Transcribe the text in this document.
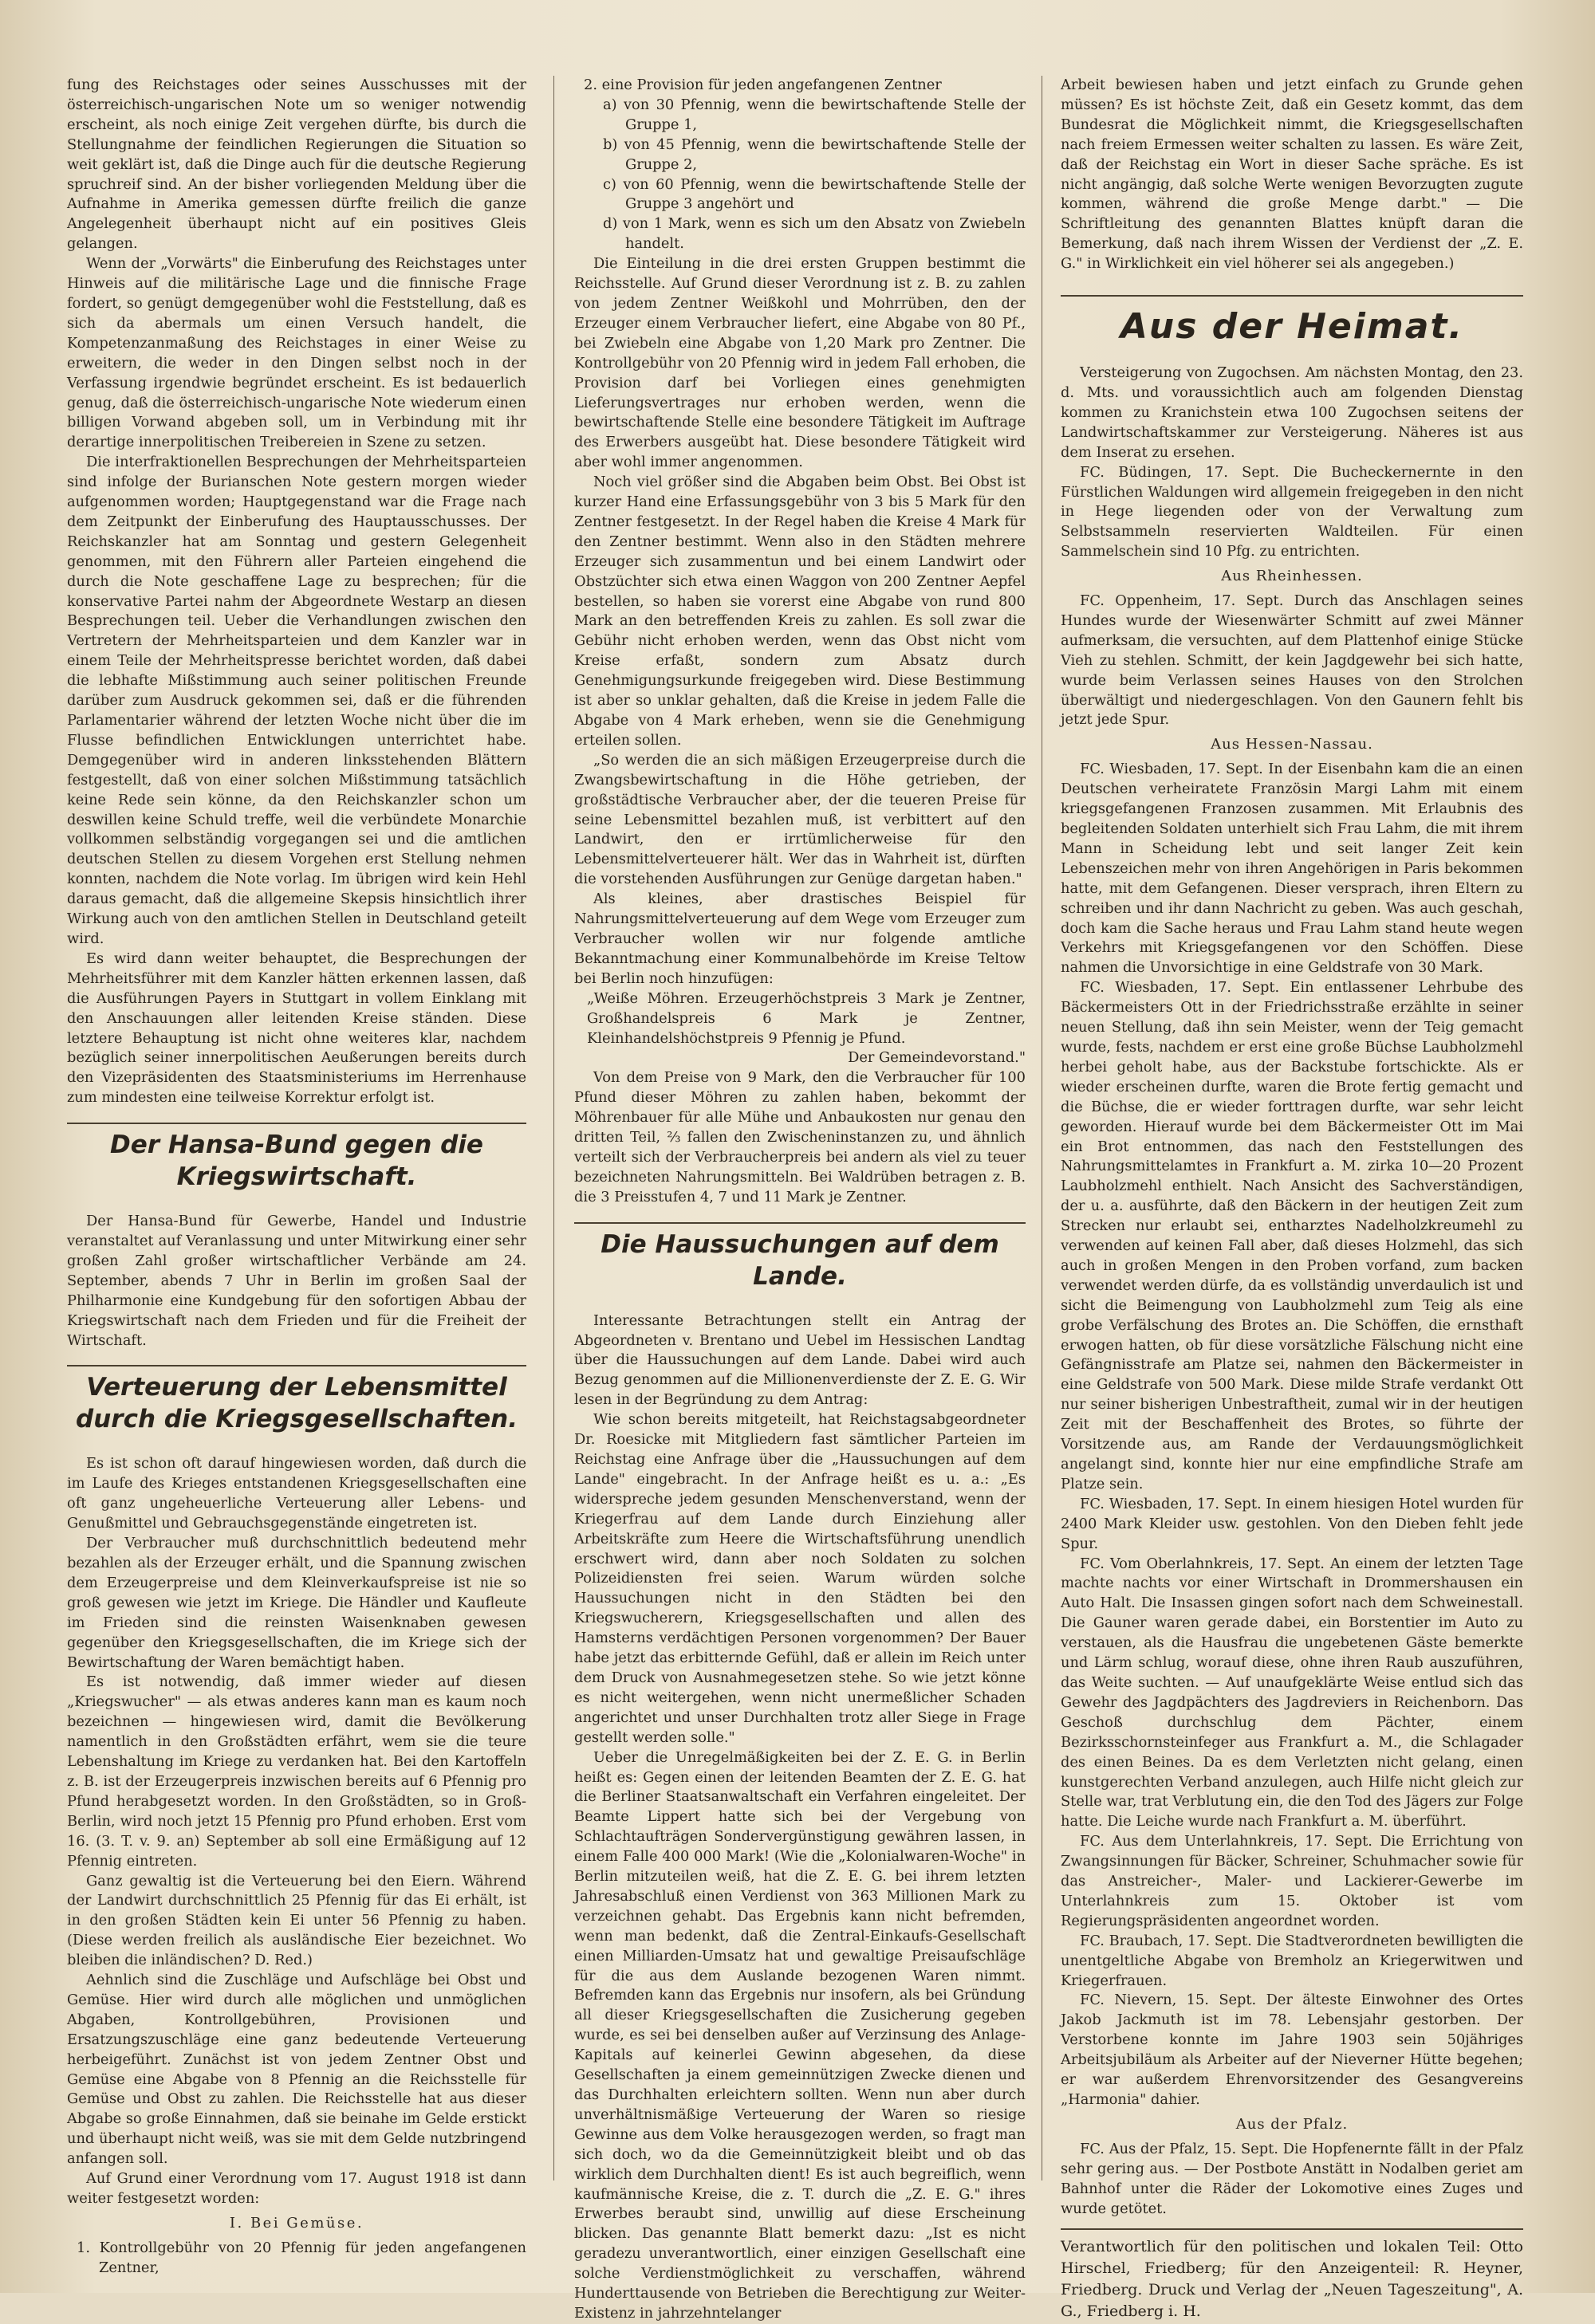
fung des Reichstages oder seines Ausschusses mit der österreichisch-ungarischen Note um so weniger notwendig erscheint, als noch einige Zeit vergehen dürfte, bis durch die Stellungnahme der feindlichen Regierungen die Situation so weit geklärt ist, daß die Dinge auch für die deutsche Regierung spruchreif sind. An der bisher vorliegenden Meldung über die Aufnahme in Amerika gemessen dürfte freilich die ganze Angelegenheit überhaupt nicht auf ein positives Gleis gelangen.

Wenn der „Vorwärts" die Einberufung des Reichstages unter Hinweis auf die militärische Lage und die finnische Frage fordert, so genügt demgegenüber wohl die Feststellung, daß es sich da abermals um einen Versuch handelt, die Kompetenzanmaßung des Reichstages in einer Weise zu erweitern, die weder in den Dingen selbst noch in der Verfassung irgendwie begründet erscheint. Es ist bedauerlich genug, daß die österreichisch-ungarische Note wiederum einen billigen Vorwand abgeben soll, um in Verbindung mit ihr derartige innerpolitischen Treibereien in Szene zu setzen.

Die interfraktionellen Besprechungen der Mehrheitsparteien sind infolge der Burianschen Note gestern morgen wieder aufgenommen worden; Hauptgegenstand war die Frage nach dem Zeitpunkt der Einberufung des Hauptausschusses. Der Reichskanzler hat am Sonntag und gestern Gelegenheit genommen, mit den Führern aller Parteien eingehend die durch die Note geschaffene Lage zu besprechen; für die konservative Partei nahm der Abgeordnete Westarp an diesen Besprechungen teil. Ueber die Verhandlungen zwischen den Vertretern der Mehrheitsparteien und dem Kanzler war in einem Teile der Mehrheitspresse berichtet worden, daß dabei die lebhafte Mißstimmung auch seiner politischen Freunde darüber zum Ausdruck gekommen sei, daß er die führenden Parlamentarier während der letzten Woche nicht über die im Flusse befindlichen Entwicklungen unterrichtet habe. Demgegenüber wird in anderen linksstehenden Blättern festgestellt, daß von einer solchen Mißstimmung tatsächlich keine Rede sein könne, da den Reichskanzler schon um deswillen keine Schuld treffe, weil die verbündete Monarchie vollkommen selbständig vorgegangen sei und die amtlichen deutschen Stellen zu diesem Vorgehen erst Stellung nehmen konnten, nachdem die Note vorlag. Im übrigen wird kein Hehl daraus gemacht, daß die allgemeine Skepsis hinsichtlich ihrer Wirkung auch von den amtlichen Stellen in Deutschland geteilt wird.

Es wird dann weiter behauptet, die Besprechungen der Mehrheitsführer mit dem Kanzler hätten erkennen lassen, daß die Ausführungen Payers in Stuttgart in vollem Einklang mit den Anschauungen aller leitenden Kreise ständen. Diese letztere Behauptung ist nicht ohne weiteres klar, nachdem bezüglich seiner innerpolitischen Aeußerungen bereits durch den Vizepräsidenten des Staatsministeriums im Herrenhause zum mindesten eine teilweise Korrektur erfolgt ist.

Der Hansa-Bund gegen die Kriegswirtschaft.

Der Hansa-Bund für Gewerbe, Handel und Industrie veranstaltet auf Veranlassung und unter Mitwirkung einer sehr großen Zahl großer wirtschaftlicher Verbände am 24. September, abends 7 Uhr in Berlin im großen Saal der Philharmonie eine Kundgebung für den sofortigen Abbau der Kriegswirtschaft nach dem Frieden und für die Freiheit der Wirtschaft.

Verteuerung der Lebensmittel durch die Kriegsgesellschaften.

Es ist schon oft darauf hingewiesen worden, daß durch die im Laufe des Krieges entstandenen Kriegsgesellschaften eine oft ganz ungeheuerliche Verteuerung aller Lebens- und Genußmittel und Gebrauchsgegenstände eingetreten ist.

Der Verbraucher muß durchschnittlich bedeutend mehr bezahlen als der Erzeuger erhält, und die Spannung zwischen dem Erzeugerpreise und dem Kleinverkaufspreise ist nie so groß gewesen wie jetzt im Kriege. Die Händler und Kaufleute im Frieden sind die reinsten Waisenknaben gewesen gegenüber den Kriegsgesellschaften, die im Kriege sich der Bewirtschaftung der Waren bemächtigt haben.

Es ist notwendig, daß immer wieder auf diesen „Kriegswucher" — als etwas anderes kann man es kaum noch bezeichnen — hingewiesen wird, damit die Bevölkerung namentlich in den Großstädten erfährt, wem sie die teure Lebenshaltung im Kriege zu verdanken hat. Bei den Kartoffeln z. B. ist der Erzeugerpreis inzwischen bereits auf 6 Pfennig pro Pfund herabgesetzt worden. In den Großstädten, so in Groß-Berlin, wird noch jetzt 15 Pfennig pro Pfund erhoben. Erst vom 16. (3. T. v. 9. an) September ab soll eine Ermäßigung auf 12 Pfennig eintreten.

Ganz gewaltig ist die Verteuerung bei den Eiern. Während der Landwirt durchschnittlich 25 Pfennig für das Ei erhält, ist in den großen Städten kein Ei unter 56 Pfennig zu haben. (Diese werden freilich als ausländische Eier bezeichnet. Wo bleiben die inländischen? D. Red.)

Aehnlich sind die Zuschläge und Aufschläge bei Obst und Gemüse. Hier wird durch alle möglichen und unmöglichen Abgaben, Kontrollgebühren, Provisionen und Ersatzungszuschläge eine ganz bedeutende Verteuerung herbeigeführt. Zunächst ist von jedem Zentner Obst und Gemüse eine Abgabe von 8 Pfennig an die Reichsstelle für Gemüse und Obst zu zahlen. Die Reichsstelle hat aus dieser Abgabe so große Einnahmen, daß sie beinahe im Gelde erstickt und überhaupt nicht weiß, was sie mit dem Gelde nutzbringend anfangen soll.

Auf Grund einer Verordnung vom 17. August 1918 ist dann weiter festgesetzt worden:

I. Bei Gemüse.

1. Kontrollgebühr von 20 Pfennig für jeden angefangenen Zentner,

2. eine Provision für jeden angefangenen Zentner

a) von 30 Pfennig, wenn die bewirtschaftende Stelle der Gruppe 1,

b) von 45 Pfennig, wenn die bewirtschaftende Stelle der Gruppe 2,

c) von 60 Pfennig, wenn die bewirtschaftende Stelle der Gruppe 3 angehört und

d) von 1 Mark, wenn es sich um den Absatz von Zwiebeln handelt.

Die Einteilung in die drei ersten Gruppen bestimmt die Reichsstelle. Auf Grund dieser Verordnung ist z. B. zu zahlen von jedem Zentner Weißkohl und Mohrrüben, den der Erzeuger einem Verbraucher liefert, eine Abgabe von 80 Pf., bei Zwiebeln eine Abgabe von 1,20 Mark pro Zentner. Die Kontrollgebühr von 20 Pfennig wird in jedem Fall erhoben, die Provision darf bei Vorliegen eines genehmigten Lieferungsvertrages nur erhoben werden, wenn die bewirtschaftende Stelle eine besondere Tätigkeit im Auftrage des Erwerbers ausgeübt hat. Diese besondere Tätigkeit wird aber wohl immer angenommen.

Noch viel größer sind die Abgaben beim Obst. Bei Obst ist kurzer Hand eine Erfassungsgebühr von 3 bis 5 Mark für den Zentner festgesetzt. In der Regel haben die Kreise 4 Mark für den Zentner bestimmt. Wenn also in den Städten mehrere Erzeuger sich zusammentun und bei einem Landwirt oder Obstzüchter sich etwa einen Waggon von 200 Zentner Aepfel bestellen, so haben sie vorerst eine Abgabe von rund 800 Mark an den betreffenden Kreis zu zahlen. Es soll zwar die Gebühr nicht erhoben werden, wenn das Obst nicht vom Kreise erfaßt, sondern zum Absatz durch Genehmigungsurkunde freigegeben wird. Diese Bestimmung ist aber so unklar gehalten, daß die Kreise in jedem Falle die Abgabe von 4 Mark erheben, wenn sie die Genehmigung erteilen sollen.

„So werden die an sich mäßigen Erzeugerpreise durch die Zwangsbewirtschaftung in die Höhe getrieben, der großstädtische Verbraucher aber, der die teueren Preise für seine Lebensmittel bezahlen muß, ist verbittert auf den Landwirt, den er irrtümlicherweise für den Lebensmittelverteuerer hält. Wer das in Wahrheit ist, dürften die vorstehenden Ausführungen zur Genüge dargetan haben."

Als kleines, aber drastisches Beispiel für Nahrungsmittelverteuerung auf dem Wege vom Erzeuger zum Verbraucher wollen wir nur folgende amtliche Bekanntmachung einer Kommunalbehörde im Kreise Teltow bei Berlin noch hinzufügen:

„Weiße Möhren. Erzeugerhöchstpreis 3 Mark je Zentner, Großhandelspreis 6 Mark je Zentner, Kleinhandelshöchstpreis 9 Pfennig je Pfund.

Der Gemeindevorstand."

Von dem Preise von 9 Mark, den die Verbraucher für 100 Pfund dieser Möhren zu zahlen haben, bekommt der Möhrenbauer für alle Mühe und Anbaukosten nur genau den dritten Teil, ⅔ fallen den Zwischeninstanzen zu, und ähnlich verteilt sich der Verbraucherpreis bei andern als viel zu teuer bezeichneten Nahrungsmitteln. Bei Waldrüben betragen z. B. die 3 Preisstufen 4, 7 und 11 Mark je Zentner.

Die Haussuchungen auf dem Lande.

Interessante Betrachtungen stellt ein Antrag der Abgeordneten v. Brentano und Uebel im Hessischen Landtag über die Haussuchungen auf dem Lande. Dabei wird auch Bezug genommen auf die Millionenverdienste der Z. E. G. Wir lesen in der Begründung zu dem Antrag:

Wie schon bereits mitgeteilt, hat Reichstagsabgeordneter Dr. Roesicke mit Mitgliedern fast sämtlicher Parteien im Reichstag eine Anfrage über die „Haussuchungen auf dem Lande" eingebracht. In der Anfrage heißt es u. a.: „Es widerspreche jedem gesunden Menschenverstand, wenn der Kriegerfrau auf dem Lande durch Einziehung aller Arbeitskräfte zum Heere die Wirtschaftsführung unendlich erschwert wird, dann aber noch Soldaten zu solchen Polizeidiensten frei seien. Warum würden solche Haussuchungen nicht in den Städten bei den Kriegswucherern, Kriegsgesellschaften und allen des Hamsterns verdächtigen Personen vorgenommen? Der Bauer habe jetzt das erbitternde Gefühl, daß er allein im Reich unter dem Druck von Ausnahmegesetzen stehe. So wie jetzt könne es nicht weitergehen, wenn nicht unermeßlicher Schaden angerichtet und unser Durchhalten trotz aller Siege in Frage gestellt werden solle."

Ueber die Unregelmäßigkeiten bei der Z. E. G. in Berlin heißt es: Gegen einen der leitenden Beamten der Z. E. G. hat die Berliner Staatsanwaltschaft ein Verfahren eingeleitet. Der Beamte Lippert hatte sich bei der Vergebung von Schlachtaufträgen Sondervergünstigung gewähren lassen, in einem Falle 400 000 Mark! (Wie die „Kolonialwaren-Woche" in Berlin mitzuteilen weiß, hat die Z. E. G. bei ihrem letzten Jahresabschluß einen Verdienst von 363 Millionen Mark zu verzeichnen gehabt. Das Ergebnis kann nicht befremden, wenn man bedenkt, daß die Zentral-Einkaufs-Gesellschaft einen Milliarden-Umsatz hat und gewaltige Preisaufschläge für die aus dem Auslande bezogenen Waren nimmt. Befremden kann das Ergebnis nur insofern, als bei Gründung all dieser Kriegsgesellschaften die Zusicherung gegeben wurde, es sei bei denselben außer auf Verzinsung des Anlage-Kapitals auf keinerlei Gewinn abgesehen, da diese Gesellschaften ja einem gemeinnützigen Zwecke dienen und das Durchhalten erleichtern sollten. Wenn nun aber durch unverhältnismäßige Verteuerung der Waren so riesige Gewinne aus dem Volke herausgezogen werden, so fragt man sich doch, wo da die Gemeinnützigkeit bleibt und ob das wirklich dem Durchhalten dient! Es ist auch begreiflich, wenn kaufmännische Kreise, die z. T. durch die „Z. E. G." ihres Erwerbes beraubt sind, unwillig auf diese Erscheinung blicken. Das genannte Blatt bemerkt dazu: „Ist es nicht geradezu unverantwortlich, einer einzigen Gesellschaft eine solche Verdienstmöglichkeit zu verschaffen, während Hunderttausende von Betrieben die Berechtigung zur Weiter-Existenz in jahrzehntelanger

Arbeit bewiesen haben und jetzt einfach zu Grunde gehen müssen? Es ist höchste Zeit, daß ein Gesetz kommt, das dem Bundesrat die Möglichkeit nimmt, die Kriegsgesellschaften nach freiem Ermessen weiter schalten zu lassen. Es wäre Zeit, daß der Reichstag ein Wort in dieser Sache spräche. Es ist nicht angängig, daß solche Werte wenigen Bevorzugten zugute kommen, während die große Menge darbt." — Die Schriftleitung des genannten Blattes knüpft daran die Bemerkung, daß nach ihrem Wissen der Verdienst der „Z. E. G." in Wirklichkeit ein viel höherer sei als angegeben.)

Aus der Heimat.

Versteigerung von Zugochsen. Am nächsten Montag, den 23. d. Mts. und voraussichtlich auch am folgenden Dienstag kommen zu Kranichstein etwa 100 Zugochsen seitens der Landwirtschaftskammer zur Versteigerung. Näheres ist aus dem Inserat zu ersehen.

FC. Büdingen, 17. Sept. Die Bucheckernernte in den Fürstlichen Waldungen wird allgemein freigegeben in den nicht in Hege liegenden oder von der Verwaltung zum Selbstsammeln reservierten Waldteilen. Für einen Sammelschein sind 10 Pfg. zu entrichten.

Aus Rheinhessen.

FC. Oppenheim, 17. Sept. Durch das Anschlagen seines Hundes wurde der Wiesenwärter Schmitt auf zwei Männer aufmerksam, die versuchten, auf dem Plattenhof einige Stücke Vieh zu stehlen. Schmitt, der kein Jagdgewehr bei sich hatte, wurde beim Verlassen seines Hauses von den Strolchen überwältigt und niedergeschlagen. Von den Gaunern fehlt bis jetzt jede Spur.

Aus Hessen-Nassau.

FC. Wiesbaden, 17. Sept. In der Eisenbahn kam die an einen Deutschen verheiratete Französin Margi Lahm mit einem kriegsgefangenen Franzosen zusammen. Mit Erlaubnis des begleitenden Soldaten unterhielt sich Frau Lahm, die mit ihrem Mann in Scheidung lebt und seit langer Zeit kein Lebenszeichen mehr von ihren Angehörigen in Paris bekommen hatte, mit dem Gefangenen. Dieser versprach, ihren Eltern zu schreiben und ihr dann Nachricht zu geben. Was auch geschah, doch kam die Sache heraus und Frau Lahm stand heute wegen Verkehrs mit Kriegsgefangenen vor den Schöffen. Diese nahmen die Unvorsichtige in eine Geldstrafe von 30 Mark.

FC. Wiesbaden, 17. Sept. Ein entlassener Lehrbube des Bäckermeisters Ott in der Friedrichsstraße erzählte in seiner neuen Stellung, daß ihn sein Meister, wenn der Teig gemacht wurde, fests, nachdem er erst eine große Büchse Laubholzmehl herbei geholt habe, aus der Backstube fortschickte. Als er wieder erscheinen durfte, waren die Brote fertig gemacht und die Büchse, die er wieder forttragen durfte, war sehr leicht geworden. Hierauf wurde bei dem Bäckermeister Ott im Mai ein Brot entnommen, das nach den Feststellungen des Nahrungsmittelamtes in Frankfurt a. M. zirka 10—20 Prozent Laubholzmehl enthielt. Nach Ansicht des Sachverständigen, der u. a. ausführte, daß den Bäckern in der heutigen Zeit zum Strecken nur erlaubt sei, entharztes Nadelholzkreumehl zu verwenden auf keinen Fall aber, daß dieses Holzmehl, das sich auch in großen Mengen in den Proben vorfand, zum backen verwendet werden dürfe, da es vollständig unverdaulich ist und sicht die Beimengung von Laubholzmehl zum Teig als eine grobe Verfälschung des Brotes an. Die Schöffen, die ernsthaft erwogen hatten, ob für diese vorsätzliche Fälschung nicht eine Gefängnisstrafe am Platze sei, nahmen den Bäckermeister in eine Geldstrafe von 500 Mark. Diese milde Strafe verdankt Ott nur seiner bisherigen Unbestraftheit, zumal wir in der heutigen Zeit mit der Beschaffenheit des Brotes, so führte der Vorsitzende aus, am Rande der Verdauungsmöglichkeit angelangt sind, konnte hier nur eine empfindliche Strafe am Platze sein.

FC. Wiesbaden, 17. Sept. In einem hiesigen Hotel wurden für 2400 Mark Kleider usw. gestohlen. Von den Dieben fehlt jede Spur.

FC. Vom Oberlahnkreis, 17. Sept. An einem der letzten Tage machte nachts vor einer Wirtschaft in Drommershausen ein Auto Halt. Die Insassen gingen sofort nach dem Schweinestall. Die Gauner waren gerade dabei, ein Borstentier im Auto zu verstauen, als die Hausfrau die ungebetenen Gäste bemerkte und Lärm schlug, worauf diese, ohne ihren Raub auszuführen, das Weite suchten. — Auf unaufgeklärte Weise entlud sich das Gewehr des Jagdpächters des Jagdreviers in Reichenborn. Das Geschoß durchschlug dem Pächter, einem Bezirksschornsteinfeger aus Frankfurt a. M., die Schlagader des einen Beines. Da es dem Verletzten nicht gelang, einen kunstgerechten Verband anzulegen, auch Hilfe nicht gleich zur Stelle war, trat Verblutung ein, die den Tod des Jägers zur Folge hatte. Die Leiche wurde nach Frankfurt a. M. überführt.

FC. Aus dem Unterlahnkreis, 17. Sept. Die Errichtung von Zwangsinnungen für Bäcker, Schreiner, Schuhmacher sowie für das Anstreicher-, Maler- und Lackierer-Gewerbe im Unterlahnkreis zum 15. Oktober ist vom Regierungspräsidenten angeordnet worden.

FC. Braubach, 17. Sept. Die Stadtverordneten bewilligten die unentgeltliche Abgabe von Bremholz an Kriegerwitwen und Kriegerfrauen.

FC. Nievern, 15. Sept. Der älteste Einwohner des Ortes Jakob Jackmuth ist im 78. Lebensjahr gestorben. Der Verstorbene konnte im Jahre 1903 sein 50jähriges Arbeitsjubiläum als Arbeiter auf der Nieverner Hütte begehen; er war außerdem Ehrenvorsitzender des Gesangvereins „Harmonia" dahier.

Aus der Pfalz.

FC. Aus der Pfalz, 15. Sept. Die Hopfenernte fällt in der Pfalz sehr gering aus. — Der Postbote Anstätt in Nodalben geriet am Bahnhof unter die Räder der Lokomotive eines Zuges und wurde getötet.

Verantwortlich für den politischen und lokalen Teil: Otto Hirschel, Friedberg; für den Anzeigenteil: R. Heyner, Friedberg. Druck und Verlag der „Neuen Tageszeitung", A. G., Friedberg i. H.
